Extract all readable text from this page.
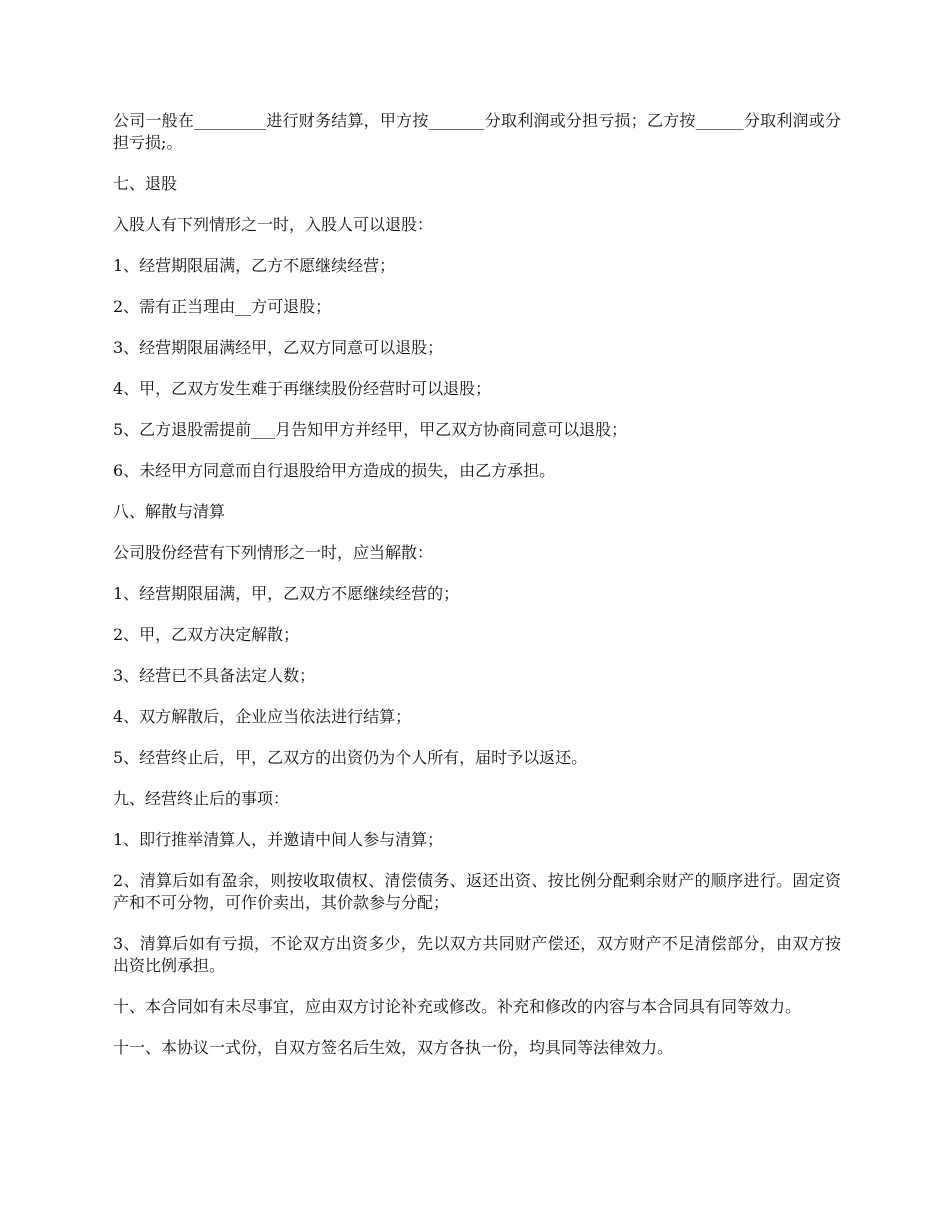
公司一般在_________进行财务结算，甲方按_______分取利润或分担亏损；乙方按______分取利润或分担亏损;。

七、退股

入股人有下列情形之一时，入股人可以退股：

1、经营期限届满，乙方不愿继续经营；

2、需有正当理由__方可退股；

3、经营期限届满经甲，乙双方同意可以退股；

4、甲，乙双方发生难于再继续股份经营时可以退股；

5、乙方退股需提前___月告知甲方并经甲，甲乙双方协商同意可以退股；

6、未经甲方同意而自行退股给甲方造成的损失，由乙方承担。

八、解散与清算

公司股份经营有下列情形之一时，应当解散：

1、经营期限届满，甲，乙双方不愿继续经营的；

2、甲，乙双方决定解散；

3、经营已不具备法定人数；

4、双方解散后，企业应当依法进行结算；

5、经营终止后，甲，乙双方的出资仍为个人所有，届时予以返还。

九、经营终止后的事项：

1、即行推举清算人，并邀请中间人参与清算；

2、清算后如有盈余，则按收取债权、清偿债务、返还出资、按比例分配剩余财产的顺序进行。固定资产和不可分物，可作价卖出，其价款参与分配；

3、清算后如有亏损，不论双方出资多少，先以双方共同财产偿还，双方财产不足清偿部分，由双方按出资比例承担。

十、本合同如有未尽事宜，应由双方讨论补充或修改。补充和修改的内容与本合同具有同等效力。

十一、本协议一式份，自双方签名后生效，双方各执一份，均具同等法律效力。
